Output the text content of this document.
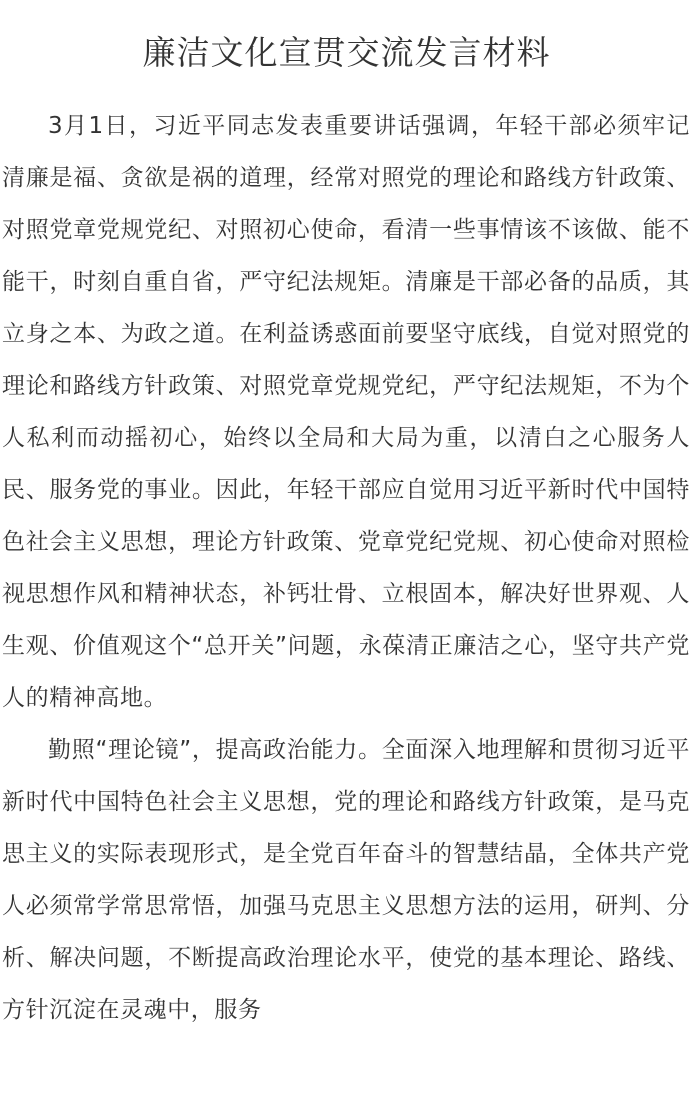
廉洁文化宣贯交流发言材料

3月1日，习近平同志发表重要讲话强调，年轻干部必须牢记清廉是福、贪欲是祸的道理，经常对照党的理论和路线方针政策、对照党章党规党纪、对照初心使命，看清一些事情该不该做、能不能干，时刻自重自省，严守纪法规矩。清廉是干部必备的品质，其立身之本、为政之道。在利益诱惑面前要坚守底线，自觉对照党的理论和路线方针政策、对照党章党规党纪，严守纪法规矩，不为个人私利而动摇初心，始终以全局和大局为重，以清白之心服务人民、服务党的事业。因此，年轻干部应自觉用习近平新时代中国特色社会主义思想，理论方针政策、党章党纪党规、初心使命对照检视思想作风和精神状态，补钙壮骨、立根固本，解决好世界观、人生观、价值观这个“总开关”问题，永葆清正廉洁之心，坚守共产党人的精神高地。

勤照“理论镜”，提高政治能力。全面深入地理解和贯彻习近平新时代中国特色社会主义思想，党的理论和路线方针政策，是马克思主义的实际表现形式，是全党百年奋斗的智慧结晶，全体共产党人必须常学常思常悟，加强马克思主义思想方法的运用，研判、分析、解决问题，不断提高政治理论水平，使党的基本理论、路线、方针沉淀在灵魂中，服务
